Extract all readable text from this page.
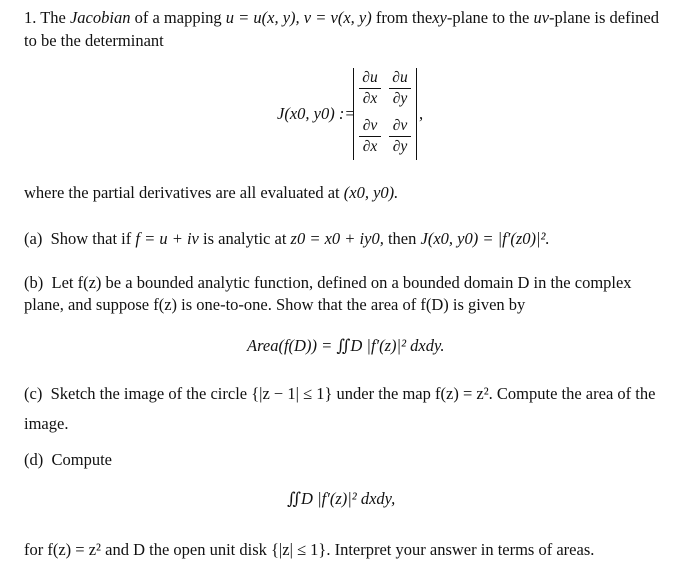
1. The Jacobian of a mapping u = u(x, y), v = v(x, y) from thexy-plane to the uv-plane is defined
to be the determinant
J(x0, y0) :=
∂u
∂x
∂u
∂y
∂v
∂x
∂v
∂y
,
where the partial derivatives are all evaluated at (x0, y0).
(a) Show that if f = u + iv is analytic at z0 = x0 + iy0, then J(x0, y0) = |f′(z0)|².
(b) Let f(z) be a bounded analytic function, defined on a bounded domain D in the complex
plane, and suppose f(z) is one-to-one. Show that the area of f(D) is given by
Area(f(D)) = ∬D |f′(z)|² dxdy.
(c) Sketch the image of the circle {|z − 1| ≤ 1} under the map f(z) = z². Compute the area of the
image.
(d) Compute
∬D |f′(z)|² dxdy,
for f(z) = z² and D the open unit disk {|z| ≤ 1}. Interpret your answer in terms of areas.
